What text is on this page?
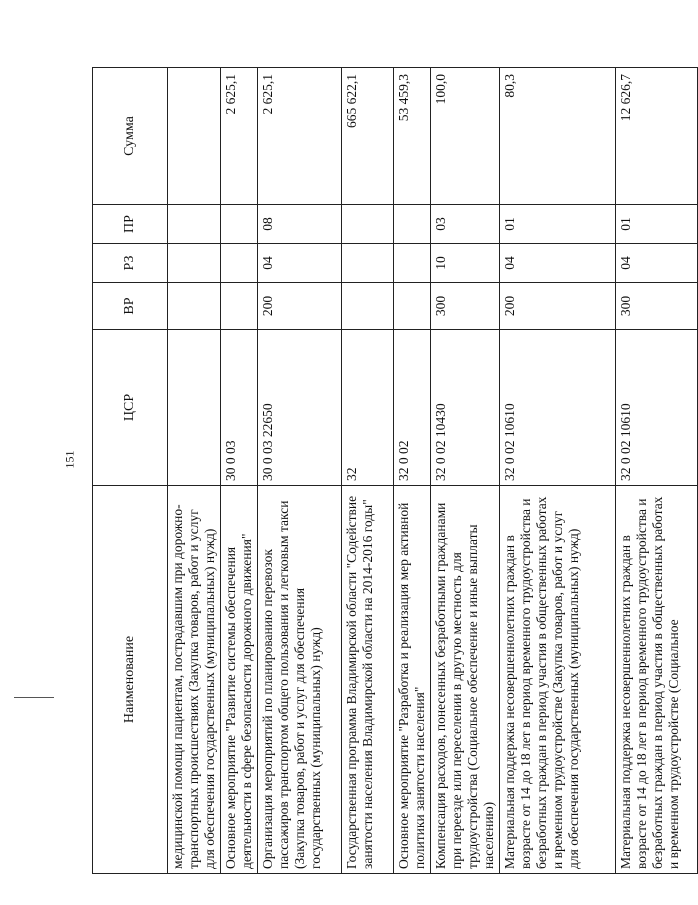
151
Наименование	ЦСР	ВР	РЗ	ПР	Сумма
медицинской помощи пациентам, пострадавшим при дорожно-транспортных происшествиях (Закупка товаров, работ и услуг для обеспечения государственных (муниципальных) нужд)					
Основное мероприятие "Развитие системы обеспечения деятельности в сфере безопасности дорожного движения"	30 0 03				2 625,1
Организация мероприятий по планированию перевозок пассажиров транспортом общего пользования и легковым такси (Закупка товаров, работ и услуг для обеспечения государственных (муниципальных) нужд)	30 0 03 22650	200	04	08	2 625,1
Государственная программа Владимирской области "Содействие занятости населения Владимирской области на 2014-2016 годы"	32				665 622,1
Основное мероприятие "Разработка и реализация мер активной политики занятости населения"	32 0 02				53 459,3
Компенсация расходов, понесенных безработными гражданами при переезде или переселении в другую местность для трудоустройства (Социальное обеспечение и иные выплаты населению)	32 0 02 10430	300	10	03	100,0
Материальная поддержка несовершеннолетних граждан в возрасте от 14 до 18 лет в период временного трудоустройства и безработных граждан в период участия в общественных работах и временном трудоустройстве (Закупка товаров, работ и услуг для обеспечения государственных (муниципальных) нужд)	32 0 02 10610	200	04	01	80,3
Материальная поддержка несовершеннолетних граждан в возрасте от 14 до 18 лет в период временного трудоустройства и безработных граждан в период участия в общественных работах и временном трудоустройстве (Социальное	32 0 02 10610	300	04	01	12 626,7
